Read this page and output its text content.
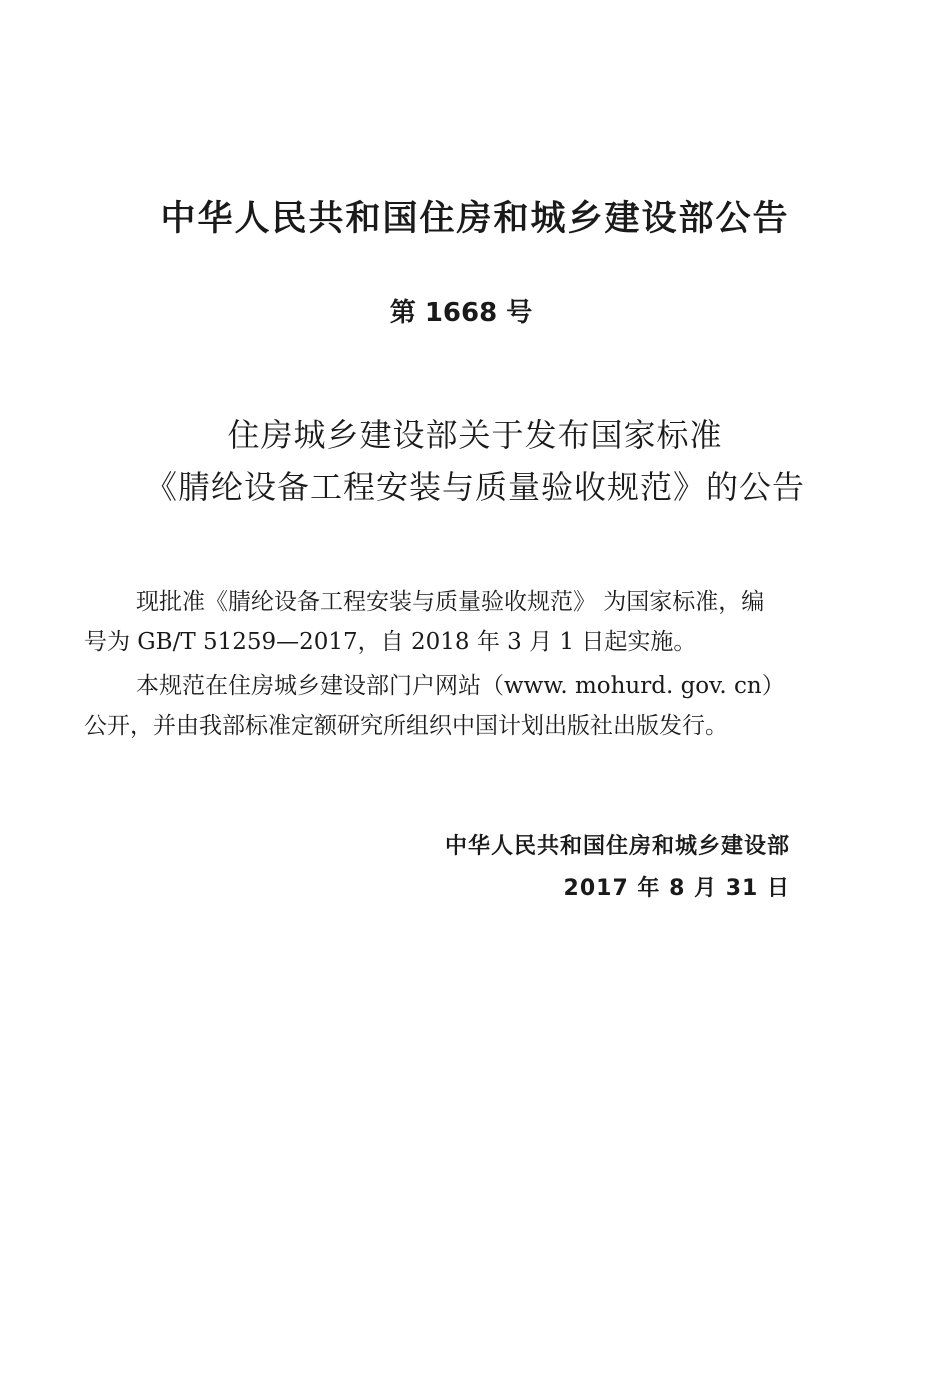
中华人民共和国住房和城乡建设部公告
第 1668 号
住房城乡建设部关于发布国家标准
《腈纶设备工程安装与质量验收规范》的公告
现批准《腈纶设备工程安装与质量验收规范》 为国家标准，编
号为 GB/T 51259—2017，自 2018 年 3 月 1 日起实施。
本规范在住房城乡建设部门户网站（www. mohurd. gov. cn）
公开，并由我部标准定额研究所组织中国计划出版社出版发行。
中华人民共和国住房和城乡建设部
2017 年 8 月 31 日
